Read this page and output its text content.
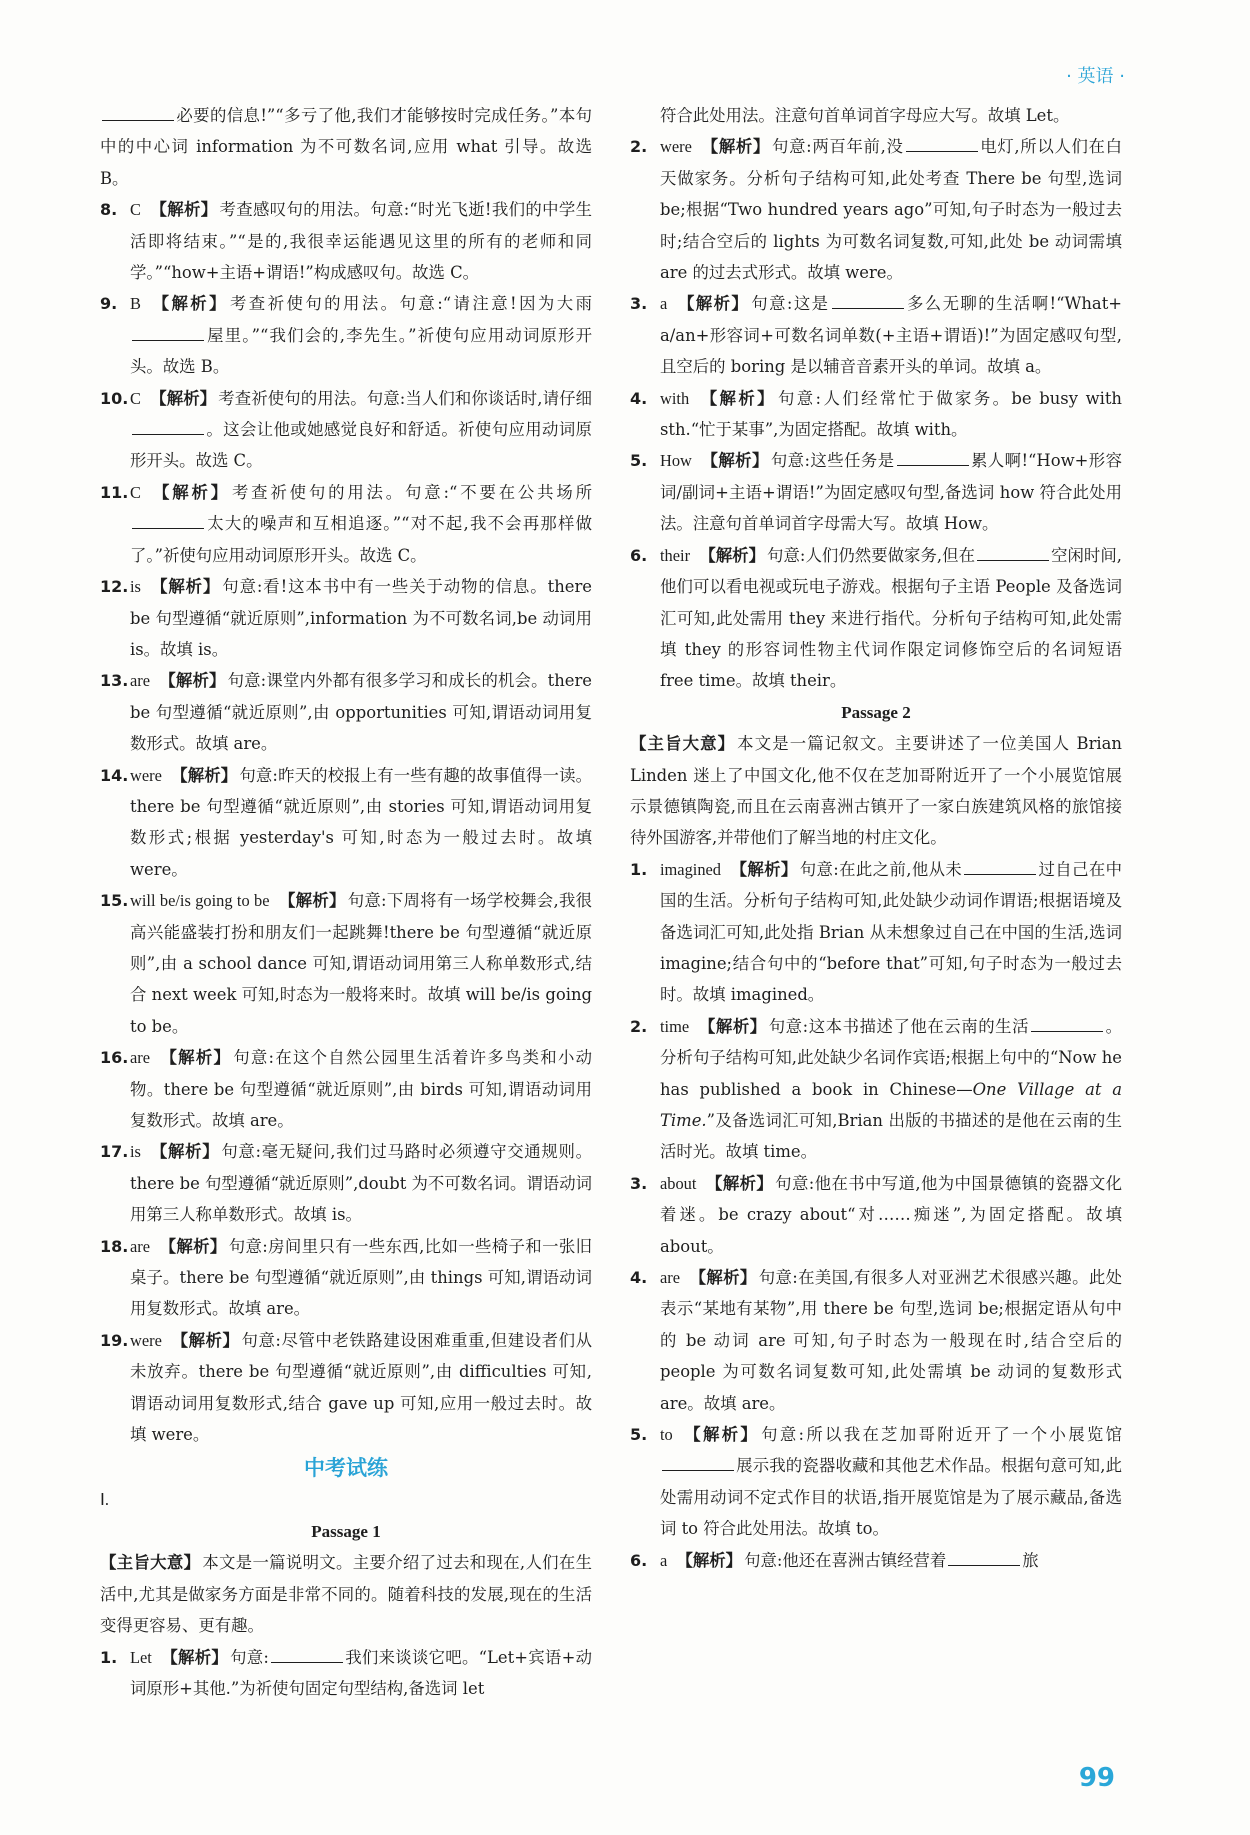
· 英语 ·

必要的信息!”“多亏了他,我们才能够按时完成任务。”本句中的中心词 information 为不可数名词,应用 what 引导。故选 B。

8. C 【解析】 考查感叹句的用法。句意:“时光飞逝!我们的中学生活即将结束。”“是的,我很幸运能遇见这里的所有的老师和同学。”“how+主语+谓语!”构成感叹句。故选 C。

9. B 【解析】 考查祈使句的用法。句意:“请注意!因为大雨屋里。”“我们会的,李先生。”祈使句应用动词原形开头。故选 B。

10. C 【解析】 考查祈使句的用法。句意:当人们和你谈话时,请仔细。这会让他或她感觉良好和舒适。祈使句应用动词原形开头。故选 C。

11. C 【解析】 考查祈使句的用法。句意:“不要在公共场所太大的噪声和互相追逐。”“对不起,我不会再那样做了。”祈使句应用动词原形开头。故选 C。

12. is 【解析】 句意:看!这本书中有一些关于动物的信息。there be 句型遵循“就近原则”,information 为不可数名词,be 动词用 is。故填 is。

13. are 【解析】 句意:课堂内外都有很多学习和成长的机会。there be 句型遵循“就近原则”,由 opportunities 可知,谓语动词用复数形式。故填 are。

14. were 【解析】 句意:昨天的校报上有一些有趣的故事值得一读。there be 句型遵循“就近原则”,由 stories 可知,谓语动词用复数形式;根据 yesterday's 可知,时态为一般过去时。故填 were。

15. will be/is going to be 【解析】 句意:下周将有一场学校舞会,我很高兴能盛装打扮和朋友们一起跳舞!there be 句型遵循“就近原则”,由 a school dance 可知,谓语动词用第三人称单数形式,结合 next week 可知,时态为一般将来时。故填 will be/is going to be。

16. are 【解析】 句意:在这个自然公园里生活着许多鸟类和小动物。there be 句型遵循“就近原则”,由 birds 可知,谓语动词用复数形式。故填 are。

17. is 【解析】 句意:毫无疑问,我们过马路时必须遵守交通规则。there be 句型遵循“就近原则”,doubt 为不可数名词。谓语动词用第三人称单数形式。故填 is。

18. are 【解析】 句意:房间里只有一些东西,比如一些椅子和一张旧桌子。there be 句型遵循“就近原则”,由 things 可知,谓语动词用复数形式。故填 are。

19. were 【解析】 句意:尽管中老铁路建设困难重重,但建设者们从未放弃。there be 句型遵循“就近原则”,由 difficulties 可知,谓语动词用复数形式,结合 gave up 可知,应用一般过去时。故填 were。

中考试练

Ⅰ.

Passage 1

【主旨大意】 本文是一篇说明文。主要介绍了过去和现在,人们在生活中,尤其是做家务方面是非常不同的。随着科技的发展,现在的生活变得更容易、更有趣。

1. Let 【解析】 句意:	我们来谈谈它吧。“Let+宾语+动词原形+其他.”为祈使句固定句型结构,备选词 let

符合此处用法。注意句首单词首字母应大写。故填 Let。

2. were 【解析】 句意:两百年前,没	电灯,所以人们在白天做家务。分析句子结构可知,此处考查 There be 句型,选词 be;根据“Two hundred years ago”可知,句子时态为一般过去时;结合空后的 lights 为可数名词复数,可知,此处 be 动词需填 are 的过去式形式。故填 were。

3. a 【解析】 句意:这是	多么无聊的生活啊!“What+ a/an+形容词+可数名词单数(+主语+谓语)!”为固定感叹句型,且空后的 boring 是以辅音音素开头的单词。故填 a。

4. with 【解析】 句意:人们经常忙于做家务。be busy with sth.“忙于某事”,为固定搭配。故填 with。

5. How 【解析】 句意:这些任务是	累人啊!“How+形容词/副词+主语+谓语!”为固定感叹句型,备选词 how 符合此处用法。注意句首单词首字母需大写。故填 How。

6. their 【解析】 句意:人们仍然要做家务,但在	空闲时间,他们可以看电视或玩电子游戏。根据句子主语 People 及备选词汇可知,此处需用 they 来进行指代。分析句子结构可知,此处需填 they 的形容词性物主代词作限定词修饰空后的名词短语 free time。故填 their。

Passage 2

【主旨大意】 本文是一篇记叙文。主要讲述了一位美国人 Brian Linden 迷上了中国文化,他不仅在芝加哥附近开了一个小展览馆展示景德镇陶瓷,而且在云南喜洲古镇开了一家白族建筑风格的旅馆接待外国游客,并带他们了解当地的村庄文化。

1. imagined 【解析】 句意:在此之前,他从未	过自己在中国的生活。分析句子结构可知,此处缺少动词作谓语;根据语境及备选词汇可知,此处指 Brian 从未想象过自己在中国的生活,选词 imagine;结合句中的“before that”可知,句子时态为一般过去时。故填 imagined。

2. time 【解析】 句意:这本书描述了他在云南的生活	。分析句子结构可知,此处缺少名词作宾语;根据上句中的“Now he has published a book in Chinese—One Village at a Time.”及备选词汇可知,Brian 出版的书描述的是他在云南的生活时光。故填 time。

3. about 【解析】 句意:他在书中写道,他为中国景德镇的瓷器文化着迷。be crazy about“对……痴迷”,为固定搭配。故填 about。

4. are 【解析】 句意:在美国,有很多人对亚洲艺术很感兴趣。此处表示“某地有某物”,用 there be 句型,选词 be;根据定语从句中的 be 动词 are 可知,句子时态为一般现在时,结合空后的 people 为可数名词复数可知,此处需填 be 动词的复数形式 are。故填 are。

5. to 【解析】 句意:所以我在芝加哥附近开了一个小展览馆展示我的瓷器收藏和其他艺术作品。根据句意可知,此处需用动词不定式作目的状语,指开展览馆是为了展示藏品,备选词 to 符合此处用法。故填 to。

6. a 【解析】 句意:他还在喜洲古镇经营着	旅

99
